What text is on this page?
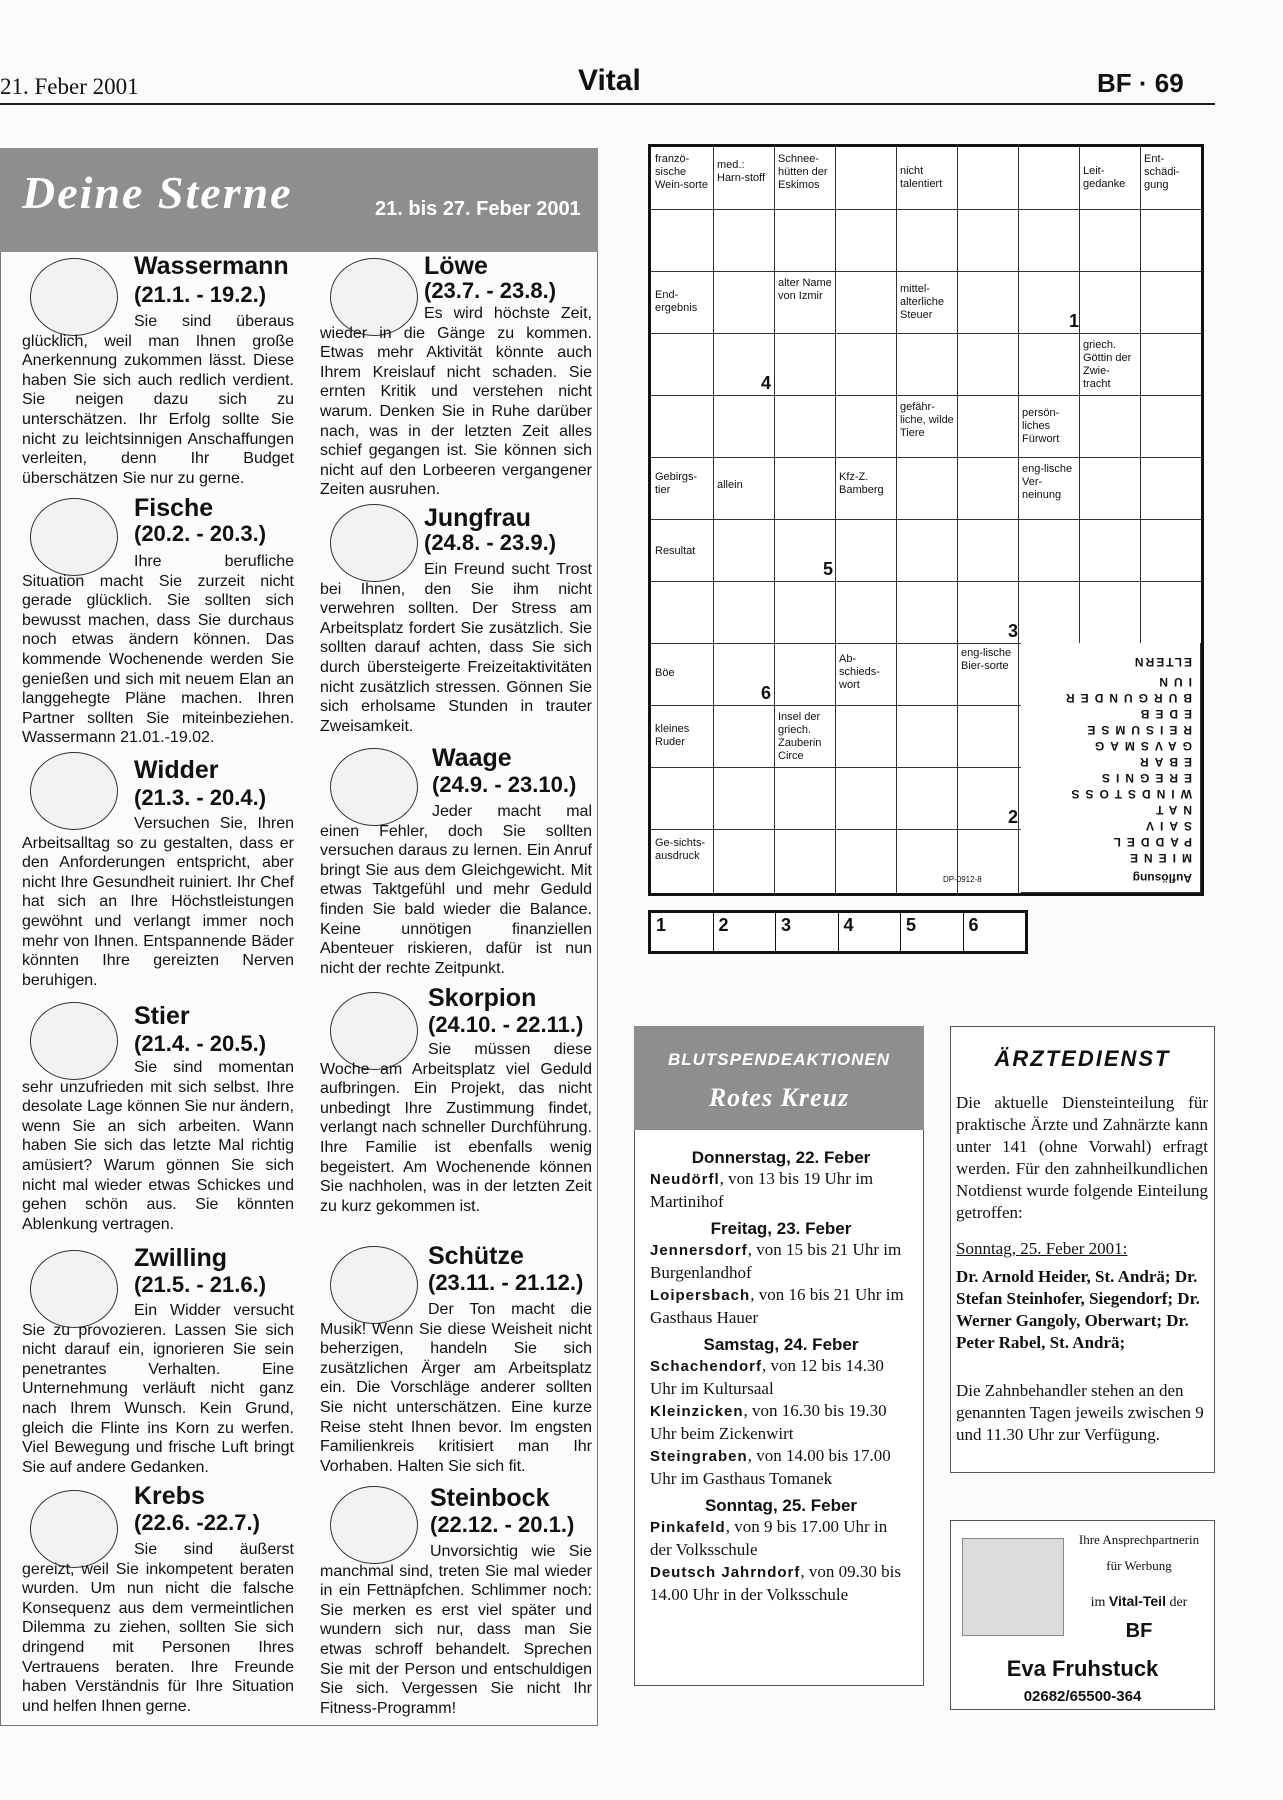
21. Feber 2001	Vital	BF · 69
Deine Sterne	21. bis 27. Feber 2001
Wassermann
(21.1. - 19.2.)
Sie sind überaus glücklich, weil man Ihnen große Anerkennung zukommen lässt. Diese haben Sie sich auch redlich verdient. Sie neigen dazu sich zu unterschätzen. Ihr Erfolg sollte Sie nicht zu leichtsinnigen Anschaffungen verleiten, denn Ihr Budget überschätzen Sie nur zu gerne.
Fische
(20.2. - 20.3.)
Ihre berufliche Situation macht Sie zurzeit nicht gerade glücklich. Sie sollten sich bewusst machen, dass Sie durchaus noch etwas ändern können. Das kommende Wochenende werden Sie genießen und sich mit neuem Elan an langgehegte Pläne machen. Ihren Partner sollten Sie miteinbeziehen. Wassermann 21.01.-19.02.
Widder
(21.3. - 20.4.)
Versuchen Sie, Ihren Arbeitsalltag so zu gestalten, dass er den Anforderungen entspricht, aber nicht Ihre Gesundheit ruiniert. Ihr Chef hat sich an Ihre Höchstleistungen gewöhnt und verlangt immer noch mehr von Ihnen. Entspannende Bäder könnten Ihre gereizten Nerven beruhigen.
Stier
(21.4. - 20.5.)
Sie sind momentan sehr unzufrieden mit sich selbst. Ihre desolate Lage können Sie nur ändern, wenn Sie an sich arbeiten. Wann haben Sie sich das letzte Mal richtig amüsiert? Warum gönnen Sie sich nicht mal wieder etwas Schickes und gehen schön aus. Sie könnten Ablenkung vertragen.
Zwilling
(21.5. - 21.6.)
Ein Widder versucht Sie zu provozieren. Lassen Sie sich nicht darauf ein, ignorieren Sie sein penetrantes Verhalten. Eine Unternehmung verläuft nicht ganz nach Ihrem Wunsch. Kein Grund, gleich die Flinte ins Korn zu werfen. Viel Bewegung und frische Luft bringt Sie auf andere Gedanken.
Krebs
(22.6. -22.7.)
Sie sind äußerst gereizt, weil Sie inkompetent beraten wurden. Um nun nicht die falsche Konsequenz aus dem vermeintlichen Dilemma zu ziehen, sollten Sie sich dringend mit Personen Ihres Vertrauens beraten. Ihre Freunde haben Verständnis für Ihre Situation und helfen Ihnen gerne.
Löwe
(23.7. - 23.8.)
Es wird höchste Zeit, wieder in die Gänge zu kommen. Etwas mehr Aktivität könnte auch Ihrem Kreislauf nicht schaden. Sie ernten Kritik und verstehen nicht warum. Denken Sie in Ruhe darüber nach, was in der letzten Zeit alles schief gegangen ist. Sie können sich nicht auf den Lorbeeren vergangener Zeiten ausruhen.
Jungfrau
(24.8. - 23.9.)
Ein Freund sucht Trost bei Ihnen, den Sie ihm nicht verwehren sollten. Der Stress am Arbeitsplatz fordert Sie zusätzlich. Sie sollten darauf achten, dass Sie sich durch übersteigerte Freizeitaktivitäten nicht zusätzlich stressen. Gönnen Sie sich erholsame Stunden in trauter Zweisamkeit.
Waage
(24.9. - 23.10.)
Jeder macht mal einen Fehler, doch Sie sollten versuchen daraus zu lernen. Ein Anruf bringt Sie aus dem Gleichgewicht. Mit etwas Taktgefühl und mehr Geduld finden Sie bald wieder die Balance. Keine unnötigen finanziellen Abenteuer riskieren, dafür ist nun nicht der rechte Zeitpunkt.
Skorpion
(24.10. - 22.11.)
Sie müssen diese Woche am Arbeitsplatz viel Geduld aufbringen. Ein Projekt, das nicht unbedingt Ihre Zustimmung findet, verlangt nach schneller Durchführung. Ihre Familie ist ebenfalls wenig begeistert. Am Wochenende können Sie nachholen, was in der letzten Zeit zu kurz gekommen ist.
Schütze
(23.11. - 21.12.)
Der Ton macht die Musik! Wenn Sie diese Weisheit nicht beherzigen, handeln Sie sich zusätzlichen Ärger am Arbeitsplatz ein. Die Vorschläge anderer sollten Sie nicht unterschätzen. Eine kurze Reise steht Ihnen bevor. Im engsten Familienkreis kritisiert man Ihr Vorhaben. Halten Sie sich fit.
Steinbock
(22.12. - 20.1.)
Unvorsichtig wie Sie manchmal sind, treten Sie mal wieder in ein Fettnäpfchen. Schlimmer noch: Sie merken es erst viel später und wundern sich nur, dass man Sie etwas schroff behandelt. Sprechen Sie mit der Person und entschuldigen Sie sich. Vergessen Sie nicht Ihr Fitness-Programm!
franzö-sische Wein-sorte
med.: Harn-stoff
Schnee-hütten der Eskimos
nicht talentiert
Leit-gedanke
Ent-schädi-gung
End-ergebnis
alter Name von Izmir
mittel-alterliche Steuer
griech. Göttin der Zwie-tracht
gefähr-liche, wilde Tiere
persön-liches Fürwort
Gebirgs-tier	allein
Kfz-Z. Bamberg
eng-lische Ver-neinung
Resultat
Böe
Ab-schieds-wort
eng-lische Bier-sorte
kleines Ruder
Insel der griech. Zauberin Circe
Ge-sichts-ausdruck
1
4
5
3
6
2
DP-0912-8	Auflösung
MIENE
PADDEL
SAIV
NAT
WINDSTOSS
EREGNIS
EBAR
GAVSMAG
REISUMSE
EDEB
BURGUNDER
IUN
ELTERN
1	2	3	4	5	6
BLUTSPENDEAKTIONEN
Rotes Kreuz
Donnerstag, 22. Feber
Neudörfl, von 13 bis 19 Uhr im Martinihof
Freitag, 23. Feber
Jennersdorf, von 15 bis 21 Uhr im Burgenlandhof
Loipersbach, von 16 bis 21 Uhr im Gasthaus Hauer
Samstag, 24. Feber
Schachendorf, von 12 bis 14.30 Uhr im Kultursaal
Kleinzicken, von 16.30 bis 19.30 Uhr beim Zickenwirt
Steingraben, von 14.00 bis 17.00 Uhr im Gasthaus Tomanek
Sonntag, 25. Feber
Pinkafeld, von 9 bis 17.00 Uhr in der Volksschule
Deutsch Jahrndorf, von 09.30 bis 14.00 Uhr in der Volksschule
ÄRZTEDIENST
Die aktuelle Diensteinteilung für praktische Ärzte und Zahnärzte kann unter 141 (ohne Vorwahl) erfragt werden. Für den zahnheilkundlichen Notdienst wurde folgende Einteilung getroffen:
Sonntag, 25. Feber 2001:
Dr. Arnold Heider, St. Andrä; Dr. Stefan Steinhofer, Siegendorf; Dr. Werner Gangoly, Oberwart; Dr. Peter Rabel, St. Andrä;
Die Zahnbehandler stehen an den genannten Tagen jeweils zwischen 9 und 11.30 Uhr zur Verfügung.
Ihre Ansprechpartnerin
für Werbung
im Vital-Teil der
BF
Eva Fruhstuck
02682/65500-364
